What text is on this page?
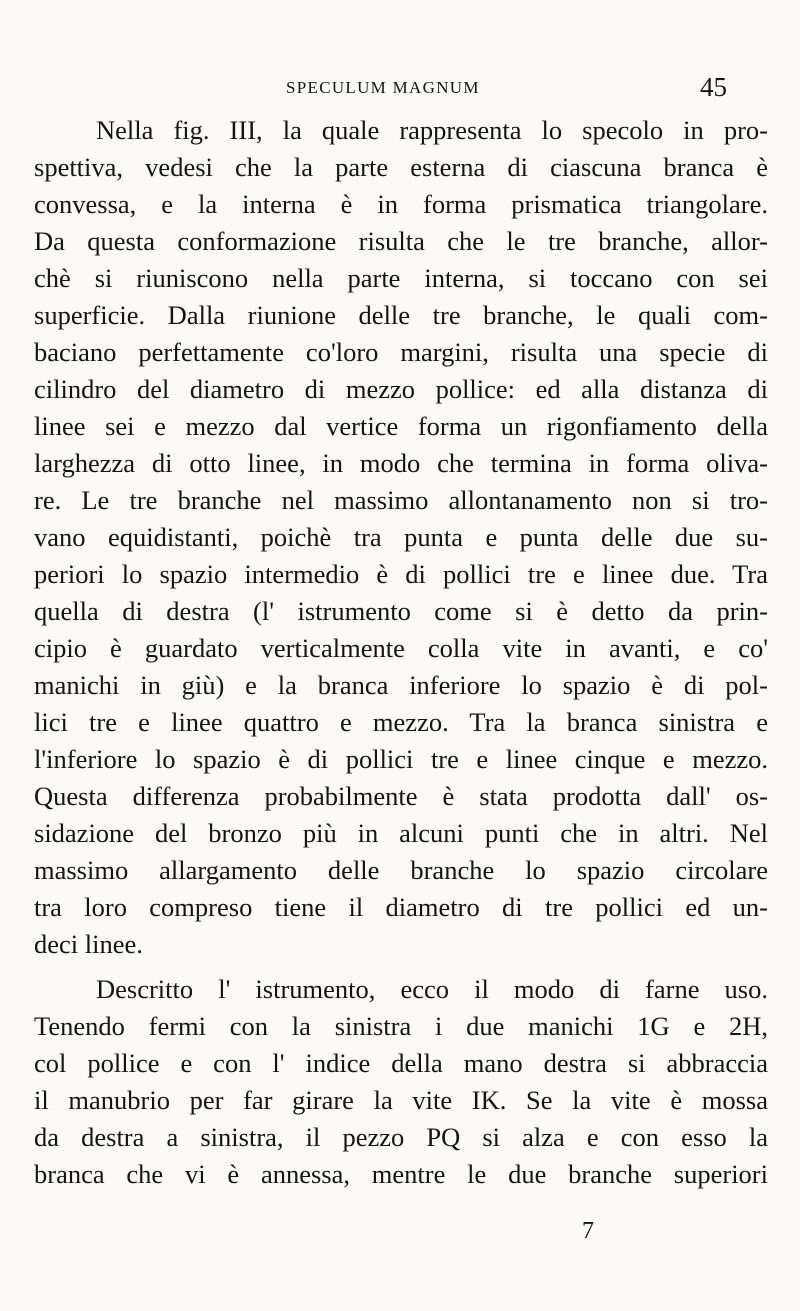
SPECULUM MAGNUM	45
Nella fig. III, la quale rappresenta lo specolo in pro-
spettiva, vedesi che la parte esterna di ciascuna branca è
convessa, e la interna è in forma prismatica triangolare.
Da questa conformazione risulta che le tre branche, allor-
chè si riuniscono nella parte interna, si toccano con sei
superficie. Dalla riunione delle tre branche, le quali com-
baciano perfettamente co'loro margini, risulta una specie di
cilindro del diametro di mezzo pollice: ed alla distanza di
linee sei e mezzo dal vertice forma un rigonfiamento della
larghezza di otto linee, in modo che termina in forma oliva-
re. Le tre branche nel massimo allontanamento non si tro-
vano equidistanti, poichè tra punta e punta delle due su-
periori lo spazio intermedio è di pollici tre e linee due. Tra
quella di destra (l' istrumento come si è detto da prin-
cipio è guardato verticalmente colla vite in avanti, e co'
manichi in giù) e la branca inferiore lo spazio è di pol-
lici tre e linee quattro e mezzo. Tra la branca sinistra e
l'inferiore lo spazio è di pollici tre e linee cinque e mezzo.
Questa differenza probabilmente è stata prodotta dall' os-
sidazione del bronzo più in alcuni punti che in altri. Nel
massimo allargamento delle branche lo spazio circolare
tra loro compreso tiene il diametro di tre pollici ed un-
deci linee.
Descritto l' istrumento, ecco il modo di farne uso.
Tenendo fermi con la sinistra i due manichi 1G e 2H,
col pollice e con l' indice della mano destra si abbraccia
il manubrio per far girare la vite IK. Se la vite è mossa
da destra a sinistra, il pezzo PQ si alza e con esso la
branca che vi è annessa, mentre le due branche superiori
7
